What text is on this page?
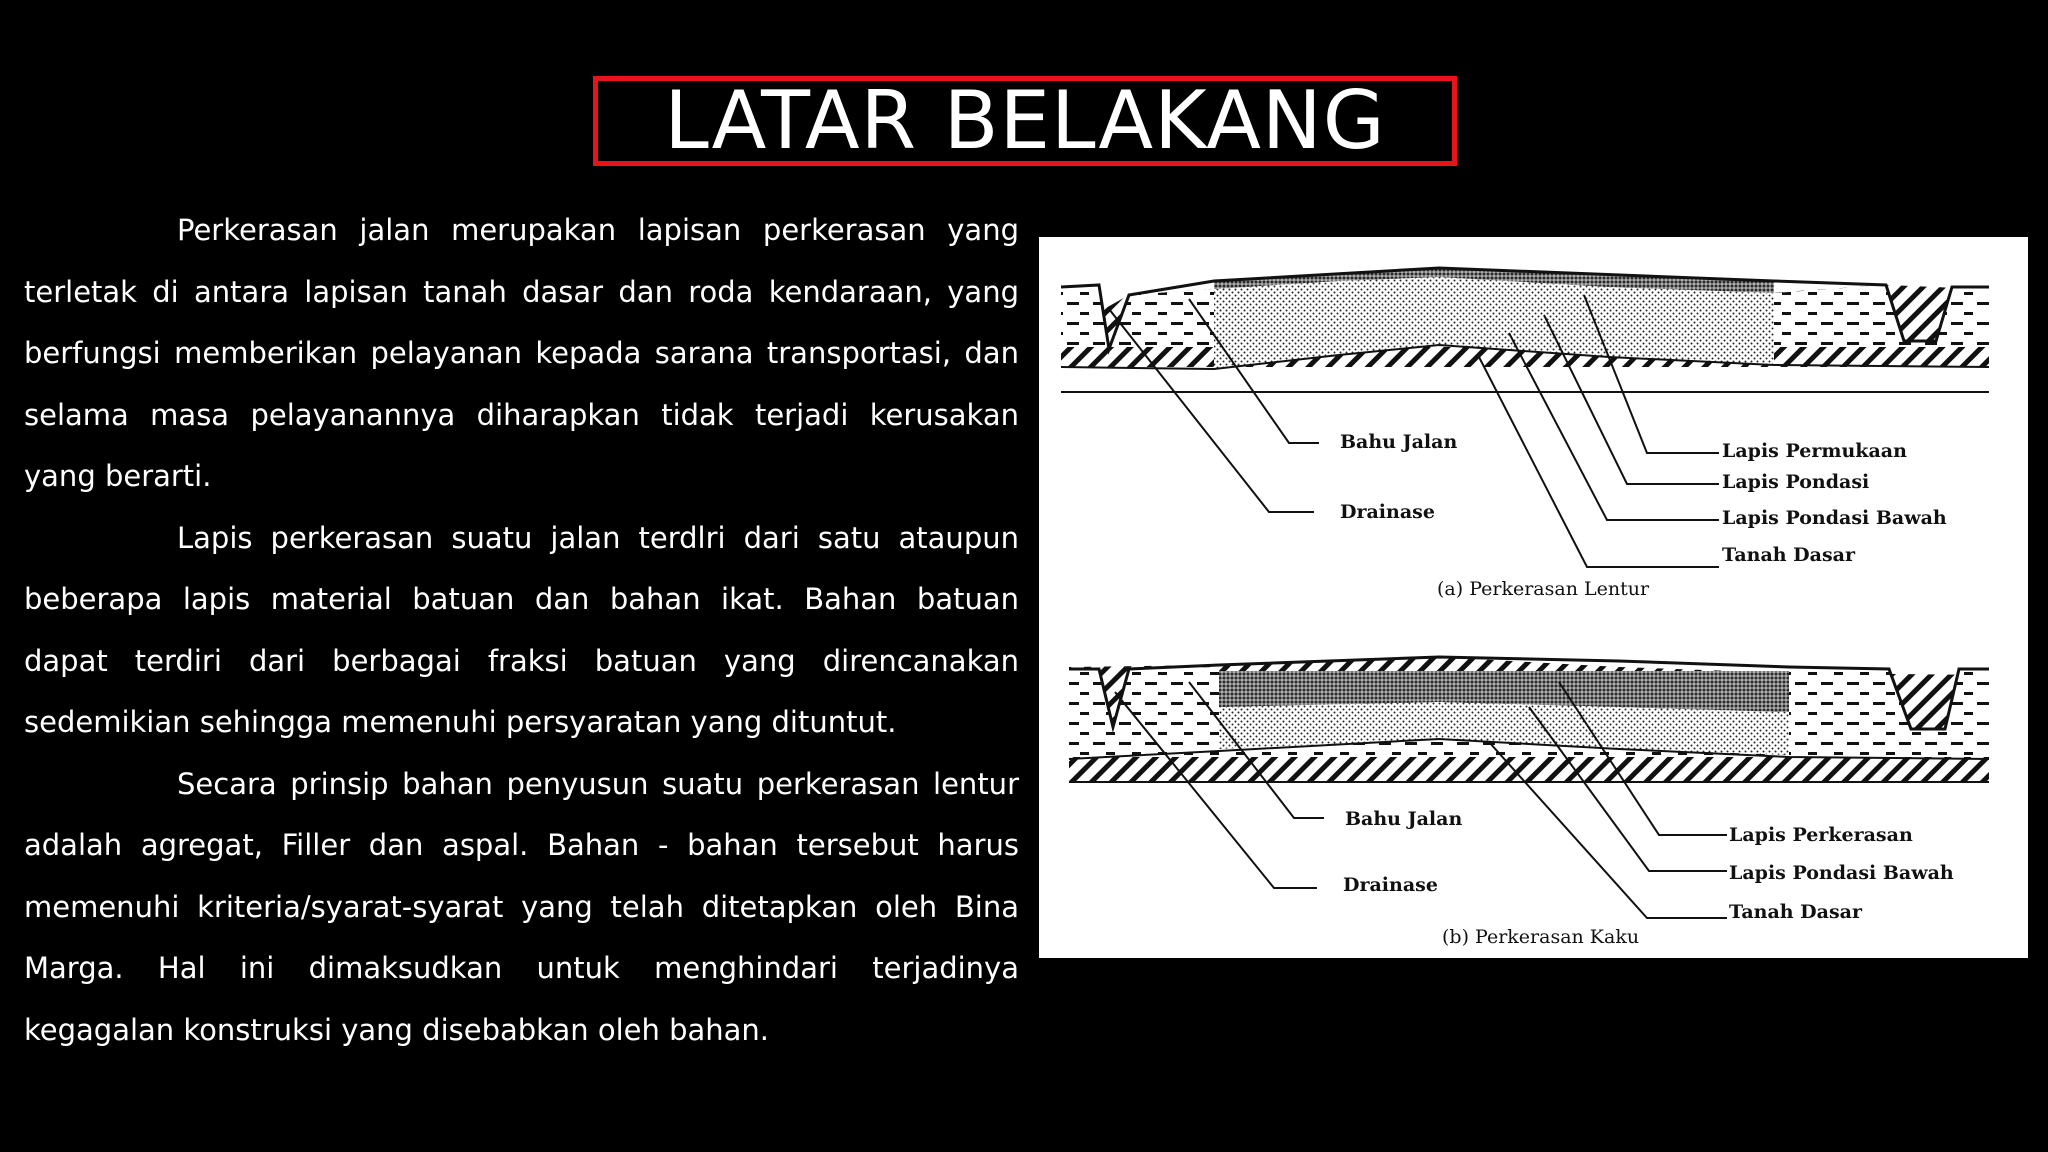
LATAR BELAKANG

Perkerasan jalan merupakan lapisan perkerasan yang terletak di antara lapisan tanah dasar dan roda kendaraan, yang berfungsi memberikan pelayanan kepada sarana transportasi, dan selama masa pelayanannya diharapkan tidak terjadi kerusakan yang berarti.

Lapis perkerasan suatu jalan terdlri dari satu ataupun beberapa lapis material batuan dan bahan ikat. Bahan batuan dapat terdiri dari berbagai fraksi batuan yang direncanakan sedemikian sehingga memenuhi persyaratan yang dituntut.

Secara prinsip bahan penyusun suatu perkerasan lentur adalah agregat, Filler dan aspal. Bahan - bahan tersebut harus memenuhi kriteria/syarat-syarat yang telah ditetapkan oleh Bina Marga. Hal ini dimaksudkan untuk menghindari terjadinya kegagalan konstruksi yang disebabkan oleh bahan.

Bahu Jalan
Drainase
Lapis Permukaan
Lapis Pondasi
Lapis Pondasi Bawah
Tanah Dasar
(a) Perkerasan Lentur
Bahu Jalan
Drainase
Lapis Perkerasan
Lapis Pondasi Bawah
Tanah Dasar
(b) Perkerasan Kaku
